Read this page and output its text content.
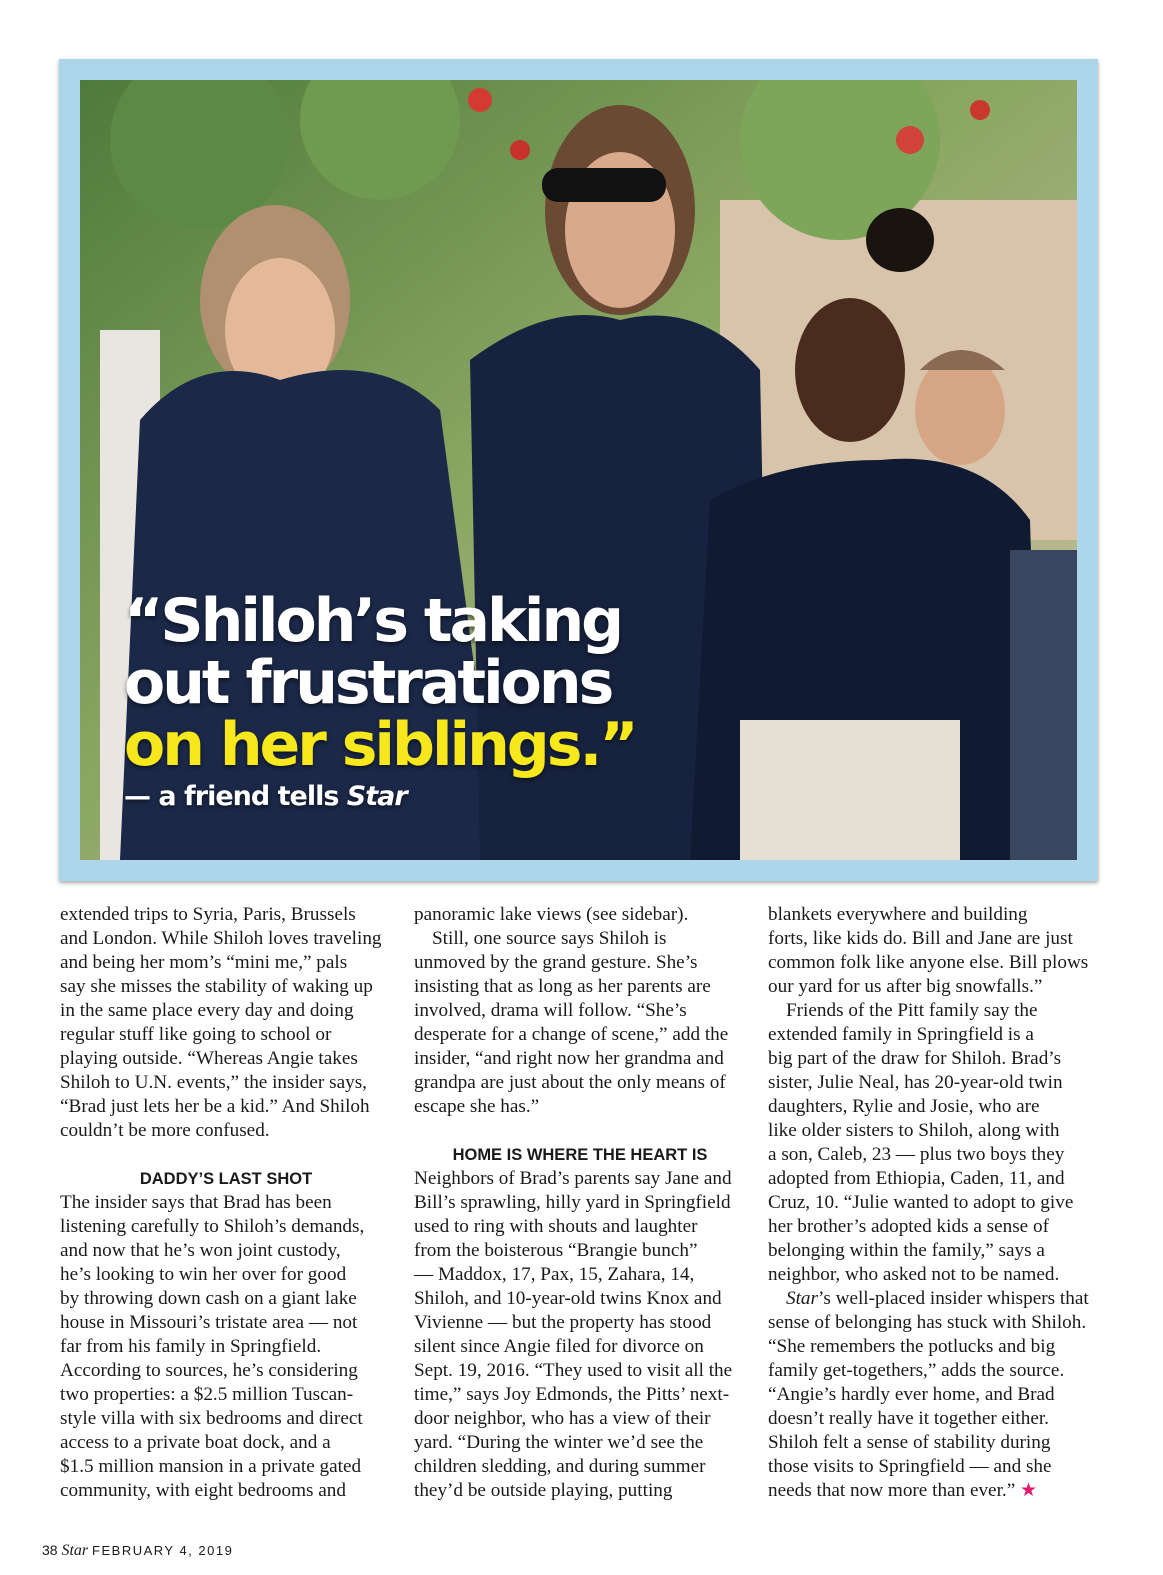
“Shiloh’s taking
out frustrations
on her siblings.”
— a friend tells Star

extended trips to Syria, Paris, Brussels
and London. While Shiloh loves traveling
and being her mom’s “mini me,” pals
say she misses the stability of waking up
in the same place every day and doing
regular stuff like going to school or
playing outside. “Whereas Angie takes
Shiloh to U.N. events,” the insider says,
“Brad just lets her be a kid.” And Shiloh
couldn’t be more confused.

DADDY’S LAST SHOT

The insider says that Brad has been
listening carefully to Shiloh’s demands,
and now that he’s won joint custody,
he’s looking to win her over for good
by throwing down cash on a giant lake
house in Missouri’s tristate area — not
far from his family in Springfield.
According to sources, he’s considering
two properties: a $2.5 million Tuscan-
style villa with six bedrooms and direct
access to a private boat dock, and a
$1.5 million mansion in a private gated
community, with eight bedrooms and

panoramic lake views (see sidebar).

Still, one source says Shiloh is
unmoved by the grand gesture. She’s
insisting that as long as her parents are
involved, drama will follow. “She’s
desperate for a change of scene,” add the
insider, “and right now her grandma and
grandpa are just about the only means of
escape she has.”

HOME IS WHERE THE HEART IS

Neighbors of Brad’s parents say Jane and
Bill’s sprawling, hilly yard in Springfield
used to ring with shouts and laughter
from the boisterous “Brangie bunch”
— Maddox, 17, Pax, 15, Zahara, 14,
Shiloh, and 10-year-old twins Knox and
Vivienne — but the property has stood
silent since Angie filed for divorce on
Sept. 19, 2016. “They used to visit all the
time,” says Joy Edmonds, the Pitts’ next-
door neighbor, who has a view of their
yard. “During the winter we’d see the
children sledding, and during summer
they’d be outside playing, putting

blankets everywhere and building
forts, like kids do. Bill and Jane are just
common folk like anyone else. Bill plows
our yard for us after big snowfalls.”

Friends of the Pitt family say the
extended family in Springfield is a
big part of the draw for Shiloh. Brad’s
sister, Julie Neal, has 20-year-old twin
daughters, Rylie and Josie, who are
like older sisters to Shiloh, along with
a son, Caleb, 23 — plus two boys they
adopted from Ethiopia, Caden, 11, and
Cruz, 10. “Julie wanted to adopt to give
her brother’s adopted kids a sense of
belonging within the family,” says a
neighbor, who asked not to be named.

Star’s well-placed insider whispers that
sense of belonging has stuck with Shiloh.
“She remembers the potlucks and big
family get-togethers,” adds the source.
“Angie’s hardly ever home, and Brad
doesn’t really have it together either.
Shiloh felt a sense of stability during
those visits to Springfield — and she
needs that now more than ever.” ★

38 Star FEBRUARY 4, 2019
